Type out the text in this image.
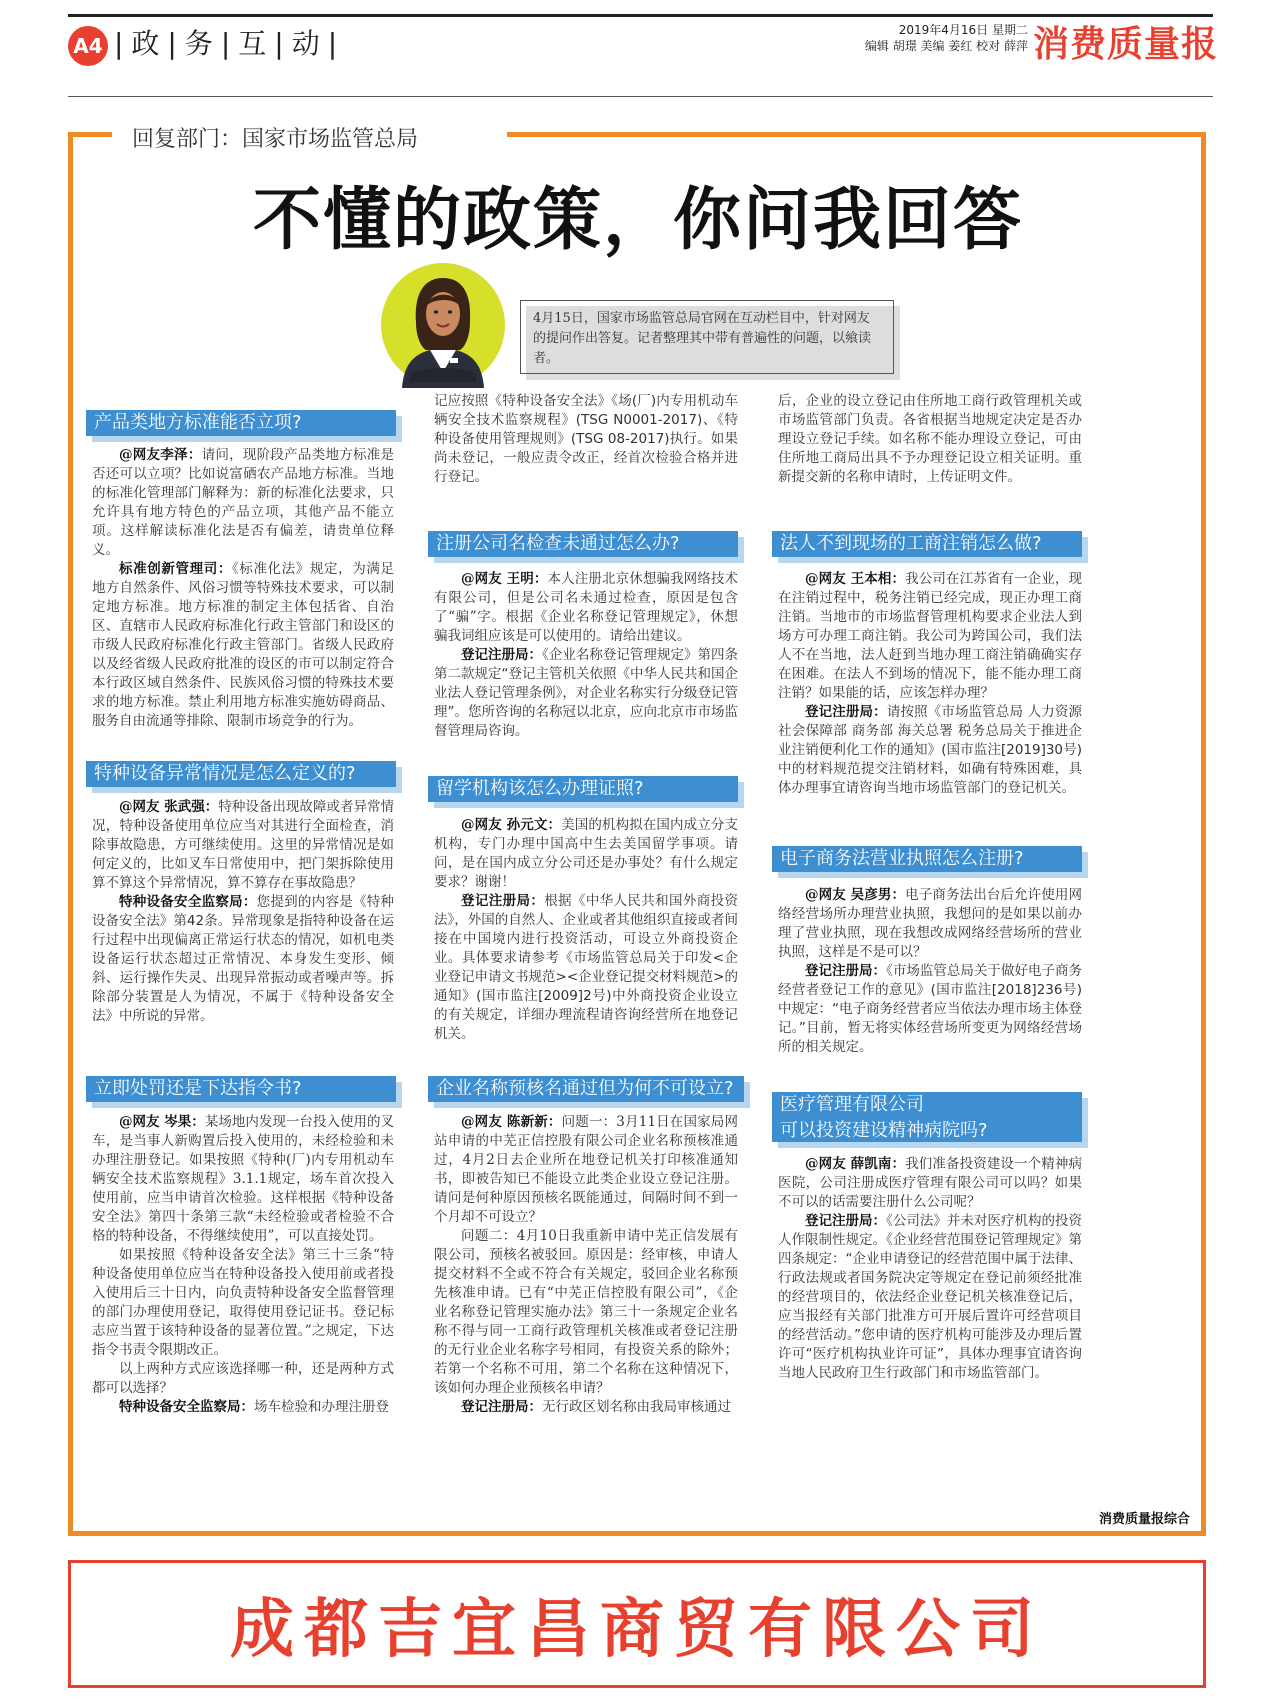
A4 |政|务|互|动|	2019年4月16日 星期二
编辑 胡璟 美编 姜红 校对 薛萍 消费质量报
回复部门：国家市场监管总局
不懂的政策，你问我回答
4月15日，国家市场监管总局官网在互动栏目中，针对网友的提问作出答复。记者整理其中带有普遍性的问题，以飨读者。
产品类地方标准能否立项?

@网友李泽：请问，现阶段产品类地方标准是否还可以立项？比如说富硒农产品地方标准。当地的标准化管理部门解释为：新的标准化法要求，只允许具有地方特色的产品立项，其他产品不能立项。这样解读标准化法是否有偏差，请贵单位释义。

标准创新管理司：《标准化法》规定，为满足地方自然条件、风俗习惯等特殊技术要求，可以制定地方标准。地方标准的制定主体包括省、自治区、直辖市人民政府标准化行政主管部门和设区的市级人民政府标准化行政主管部门。省级人民政府以及经省级人民政府批准的设区的市可以制定符合本行政区域自然条件、民族风俗习惯的特殊技术要求的地方标准。禁止利用地方标准实施妨碍商品、服务自由流通等排除、限制市场竞争的行为。

特种设备异常情况是怎么定义的?

@网友 张武强：特种设备出现故障或者异常情况，特种设备使用单位应当对其进行全面检查，消除事故隐患，方可继续使用。这里的异常情况是如何定义的，比如叉车日常使用中，把门架拆除使用算不算这个异常情况，算不算存在事故隐患？

特种设备安全监察局：您提到的内容是《特种设备安全法》第42条。异常现象是指特种设备在运行过程中出现偏离正常运行状态的情况，如机电类设备运行状态超过正常情况、本身发生变形、倾斜、运行操作失灵、出现异常振动或者噪声等。拆除部分装置是人为情况，不属于《特种设备安全法》中所说的异常。

立即处罚还是下达指令书?

@网友 岑果：某场地内发现一台投入使用的叉车，是当事人新购置后投入使用的，未经检验和未办理注册登记。如果按照《特种(厂)内专用机动车辆安全技术监察规程》3.1.1规定，场车首次投入使用前，应当申请首次检验。这样根据《特种设备安全法》第四十条第三款“未经检验或者检验不合格的特种设备，不得继续使用”，可以直接处罚。

如果按照《特种设备安全法》第三十三条“特种设备使用单位应当在特种设备投入使用前或者投入使用后三十日内，向负责特种设备安全监督管理的部门办理使用登记，取得使用登记证书。登记标志应当置于该特种设备的显著位置。”之规定，下达指令书责令限期改正。

以上两种方式应该选择哪一种，还是两种方式都可以选择？

特种设备安全监察局：场车检验和办理注册登

记应按照《特种设备安全法》《场(厂)内专用机动车辆安全技术监察规程》(TSG N0001-2017)、《特种设备使用管理规则》(TSG 08-2017)执行。如果尚未登记，一般应责令改正，经首次检验合格并进行登记。

注册公司名检查未通过怎么办?

@网友 王明：本人注册北京休想骗我网络技术有限公司，但是公司名未通过检查，原因是包含了“骗”字。根据《企业名称登记管理规定》，休想骗我词组应该是可以使用的。请给出建议。

登记注册局：《企业名称登记管理规定》第四条第二款规定“登记主管机关依照《中华人民共和国企业法人登记管理条例》，对企业名称实行分级登记管理”。您所咨询的名称冠以北京，应向北京市市场监督管理局咨询。

留学机构该怎么办理证照?

@网友 孙元文：美国的机构拟在国内成立分支机构，专门办理中国高中生去美国留学事项。请问，是在国内成立分公司还是办事处？有什么规定要求？谢谢！

登记注册局：根据《中华人民共和国外商投资法》，外国的自然人、企业或者其他组织直接或者间接在中国境内进行投资活动，可设立外商投资企业。具体要求请参考《市场监管总局关于印发<企业登记申请文书规范><企业登记提交材料规范>的通知》(国市监注[2009]2号)中外商投资企业设立的有关规定，详细办理流程请咨询经营所在地登记机关。

企业名称预核名通过但为何不可设立?

@网友 陈新新：问题一：3月11日在国家局网站申请的中芜正信控股有限公司企业名称预核准通过，4月2日去企业所在地登记机关打印核准通知书，即被告知已不能设立此类企业设立登记注册。请问是何种原因预核名既能通过，间隔时间不到一个月却不可设立？

问题二：4月10日我重新申请中芜正信发展有限公司，预核名被驳回。原因是：经审核，申请人提交材料不全或不符合有关规定，驳回企业名称预先核准申请。已有“中芜正信控股有限公司”，《企业名称登记管理实施办法》第三十一条规定企业名称不得与同一工商行政管理机关核准或者登记注册的无行业企业名称字号相同，有投资关系的除外；若第一个名称不可用，第二个名称在这种情况下，该如何办理企业预核名申请？

登记注册局：无行政区划名称由我局审核通过

后，企业的设立登记由住所地工商行政管理机关或市场监管部门负责。各省根据当地规定决定是否办理设立登记手续。如名称不能办理设立登记，可由住所地工商局出具不予办理登记设立相关证明。重新提交新的名称申请时，上传证明文件。

法人不到现场的工商注销怎么做?

@网友 王本相：我公司在江苏省有一企业，现在注销过程中，税务注销已经完成，现正办理工商注销。当地市的市场监督管理机构要求企业法人到场方可办理工商注销。我公司为跨国公司，我们法人不在当地，法人赶到当地办理工商注销确确实存在困难。在法人不到场的情况下，能不能办理工商注销？如果能的话，应该怎样办理？

登记注册局：请按照《市场监管总局 人力资源社会保障部 商务部 海关总署 税务总局关于推进企业注销便利化工作的通知》(国市监注[2019]30号)中的材料规范提交注销材料，如确有特殊困难，具体办理事宜请咨询当地市场监管部门的登记机关。

电子商务法营业执照怎么注册?

@网友 吴彦男：电子商务法出台后允许使用网络经营场所办理营业执照，我想问的是如果以前办理了营业执照，现在我想改成网络经营场所的营业执照，这样是不是可以？

登记注册局：《市场监管总局关于做好电子商务经营者登记工作的意见》(国市监注[2018]236号)中规定：“电子商务经营者应当依法办理市场主体登记。”目前，暂无将实体经营场所变更为网络经营场所的相关规定。

医疗管理有限公司
可以投资建设精神病院吗?

@网友 薛凯南：我们准备投资建设一个精神病医院，公司注册成医疗管理有限公司可以吗？如果不可以的话需要注册什么公司呢？

登记注册局：《公司法》并未对医疗机构的投资人作限制性规定。《企业经营范围登记管理规定》第四条规定：“企业申请登记的经营范围中属于法律、行政法规或者国务院决定等规定在登记前须经批准的经营项目的，依法经企业登记机关核准登记后，应当报经有关部门批准方可开展后置许可经营项目的经营活动。”您申请的医疗机构可能涉及办理后置许可“医疗机构执业许可证”，具体办理事宜请咨询当地人民政府卫生行政部门和市场监管部门。

消费质量报综合
成都吉宜昌商贸有限公司
